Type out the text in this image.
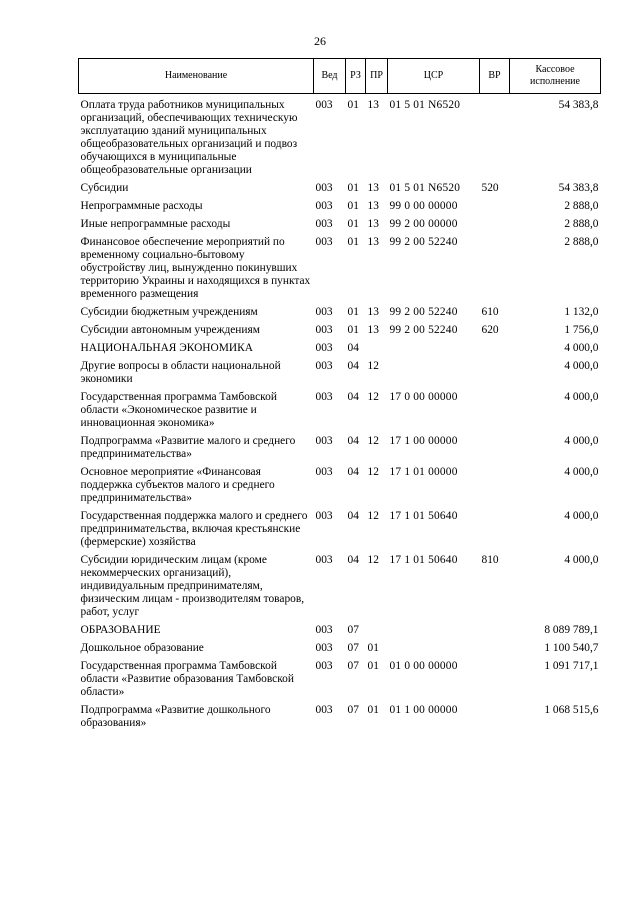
26
Наименование	Вед	РЗ	ПР	ЦСР	ВР	Кассовое исполнение
Оплата труда работников муниципальных организаций, обеспечивающих техническую эксплуатацию зданий муниципальных общеобразовательных организаций и подвоз обучающихся в муниципальные общеобразовательные организации	003	01	13	01 5 01 N6520		54 383,8
Субсидии	003	01	13	01 5 01 N6520	520	54 383,8
Непрограммные расходы	003	01	13	99 0 00 00000		2 888,0
Иные непрограммные расходы	003	01	13	99 2 00 00000		2 888,0
Финансовое обеспечение мероприятий по временному социально-бытовому обустройству лиц, вынужденно покинувших территорию Украины и находящихся в пунктах временного размещения	003	01	13	99 2 00 52240		2 888,0
Субсидии бюджетным учреждениям	003	01	13	99 2 00 52240	610	1 132,0
Субсидии автономным учреждениям	003	01	13	99 2 00 52240	620	1 756,0
НАЦИОНАЛЬНАЯ ЭКОНОМИКА	003	04				4 000,0
Другие вопросы в области национальной экономики	003	04	12			4 000,0
Государственная программа Тамбовской области «Экономическое развитие и инновационная экономика»	003	04	12	17 0 00 00000		4 000,0
Подпрограмма «Развитие малого и среднего предпринимательства»	003	04	12	17 1 00 00000		4 000,0
Основное мероприятие «Финансовая поддержка субъектов малого и среднего предпринимательства»	003	04	12	17 1 01 00000		4 000,0
Государственная поддержка малого и среднего предпринимательства, включая крестьянские (фермерские) хозяйства	003	04	12	17 1 01 50640		4 000,0
Субсидии юридическим лицам (кроме некоммерческих организаций), индивидуальным предпринимателям, физическим лицам - производителям товаров, работ, услуг	003	04	12	17 1 01 50640	810	4 000,0
ОБРАЗОВАНИЕ	003	07				8 089 789,1
Дошкольное образование	003	07	01			1 100 540,7
Государственная программа Тамбовской области «Развитие образования Тамбовской области»	003	07	01	01 0 00 00000		1 091 717,1
Подпрограмма «Развитие дошкольного образования»	003	07	01	01 1 00 00000		1 068 515,6
